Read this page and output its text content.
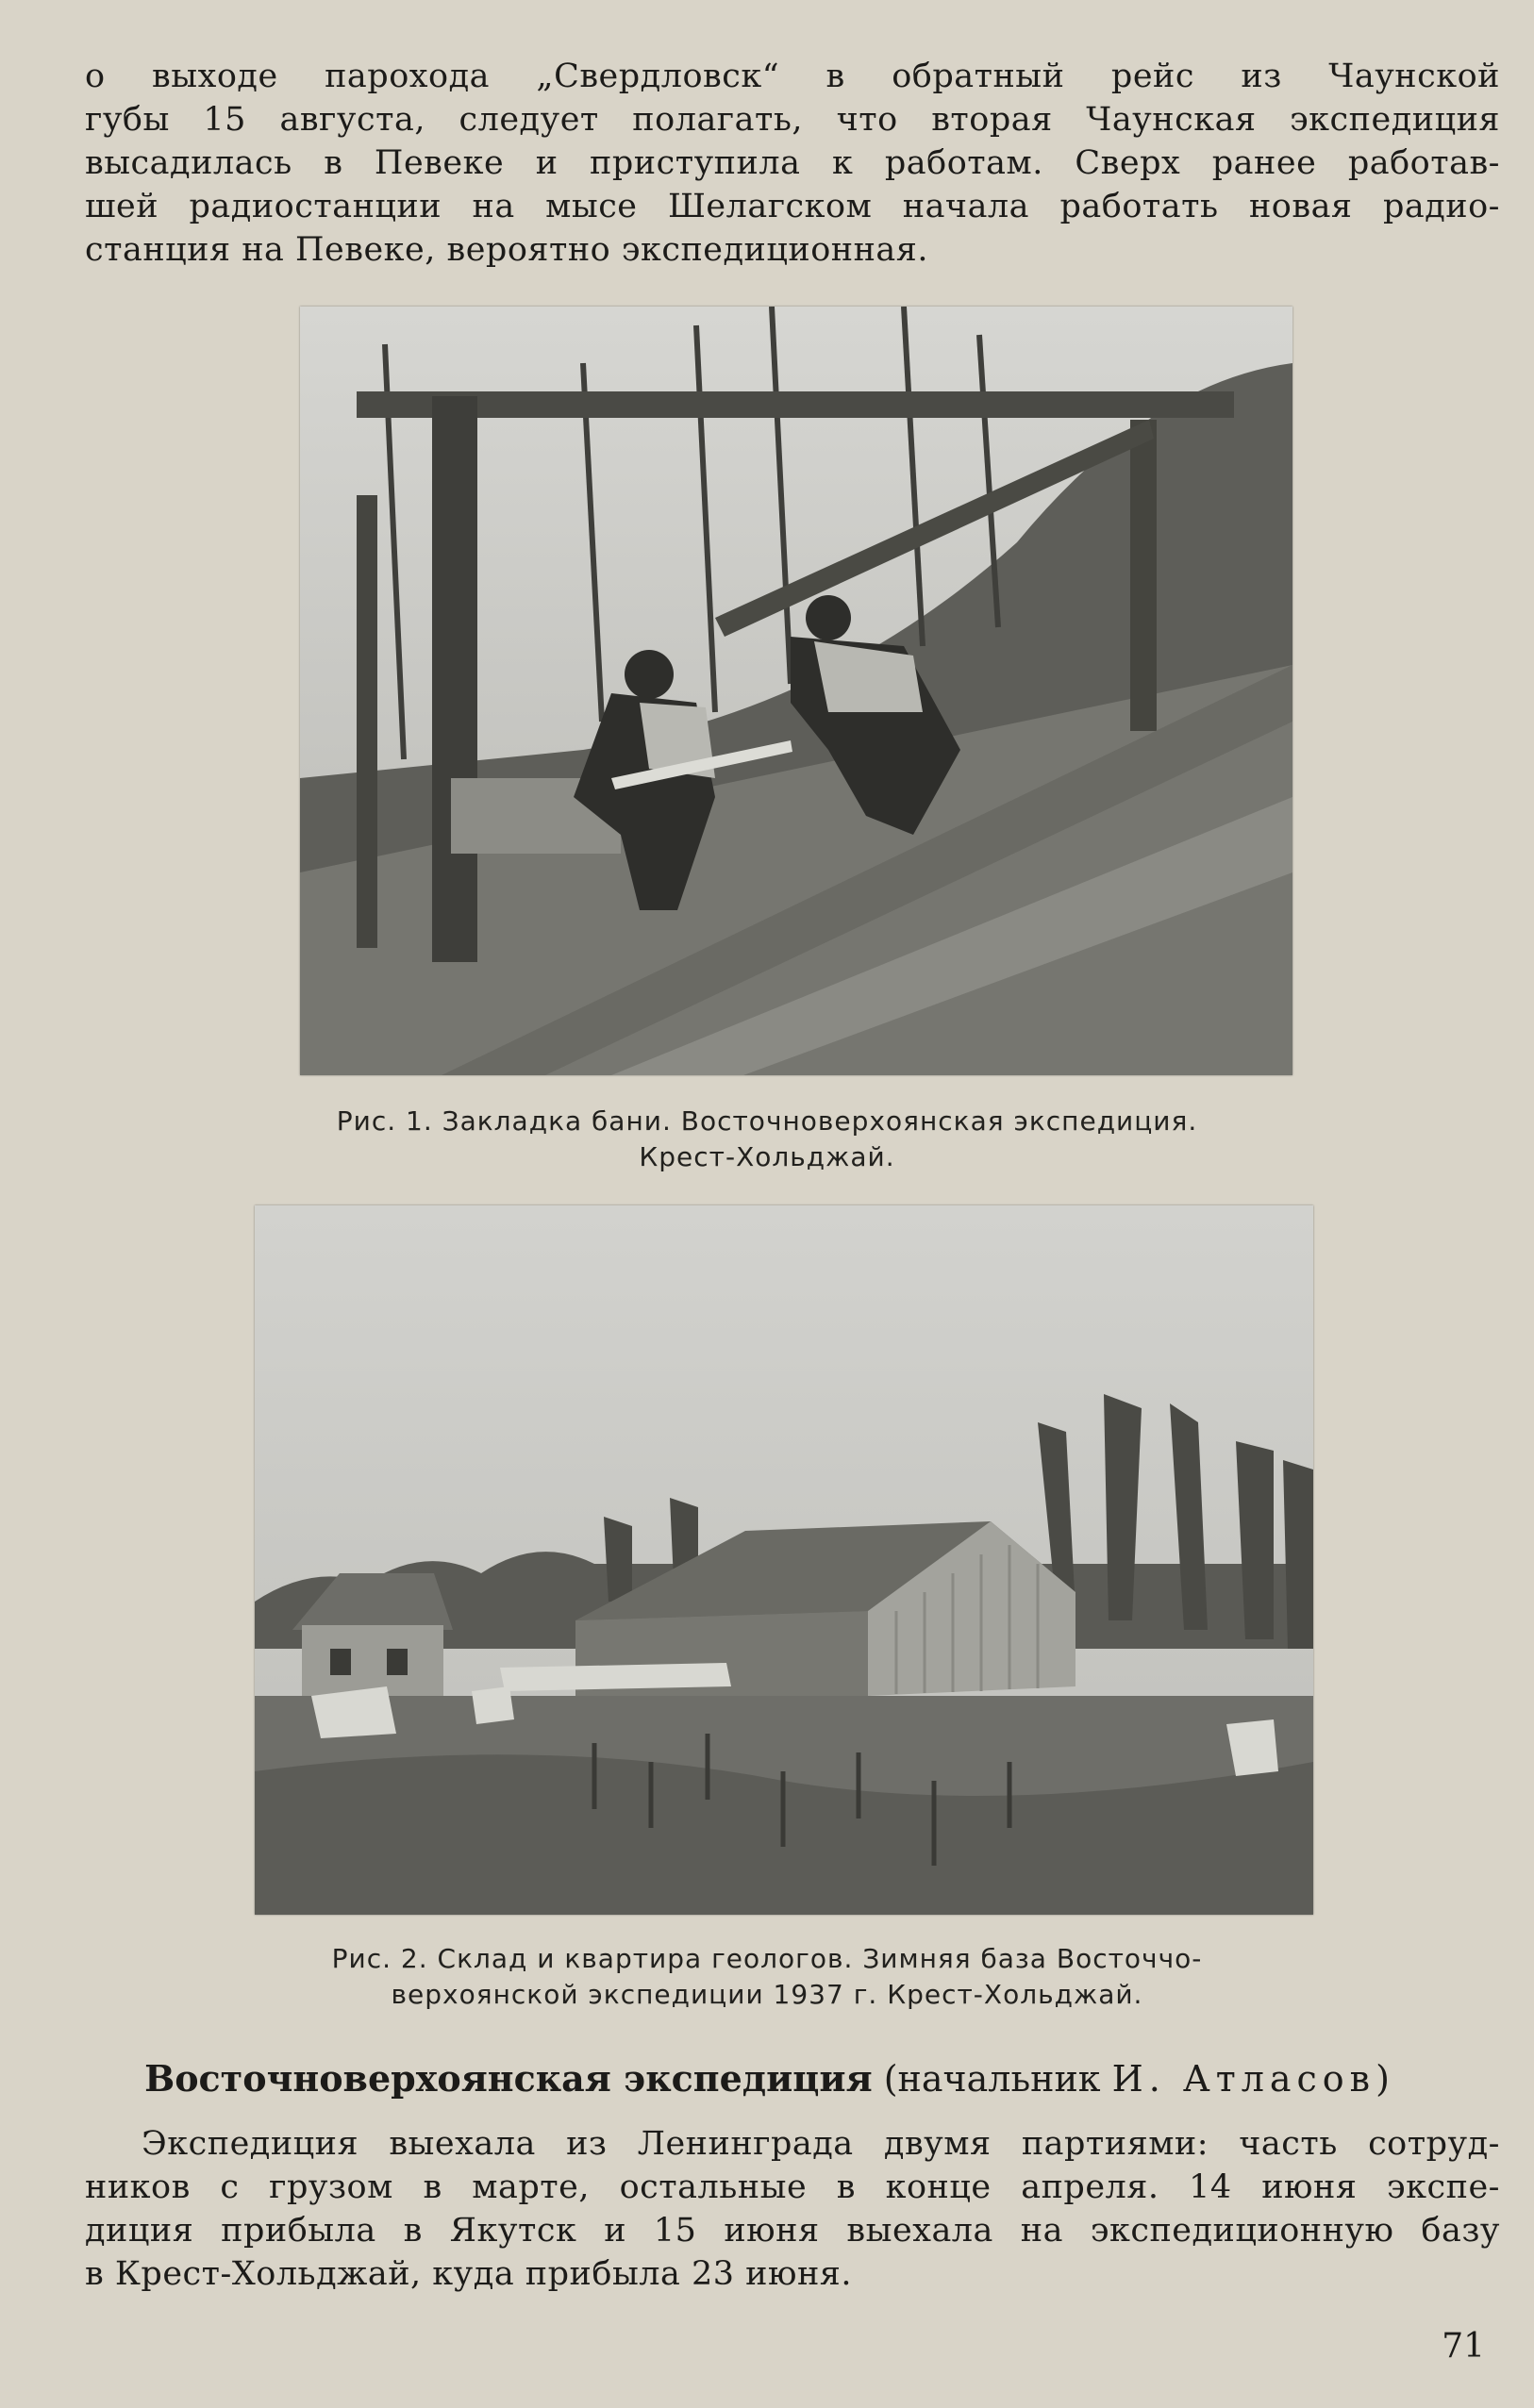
о выходе парохода „Свердловск“ в обратный рейс из Чаунской
губы 15 августа, следует полагать, что вторая Чаунская экспедиция
высадилась в Певеке и приступила к работам. Сверх ранее работав-
шей радиостанции на мысе Шелагском начала работать новая радио-
станция на Певеке, вероятно экспедиционная.
Рис. 1. Закладка бани. Восточноверхоянская экспедиция.
Крест-Хольджай.
Рис. 2. Склад и квартира геологов. Зимняя база Восточчо-
верхоянской экспедиции 1937 г. Крест-Хольджай.
Восточноверхоянская экспедиция (начальник И. Атласов)
Экспедиция выехала из Ленинграда двумя партиями: часть сотруд-
ников с грузом в марте, остальные в конце апреля. 14 июня экспе-
диция прибыла в Якутск и 15 июня выехала на экспедиционную базу
в Крест-Хольджай, куда прибыла 23 июня.
71
